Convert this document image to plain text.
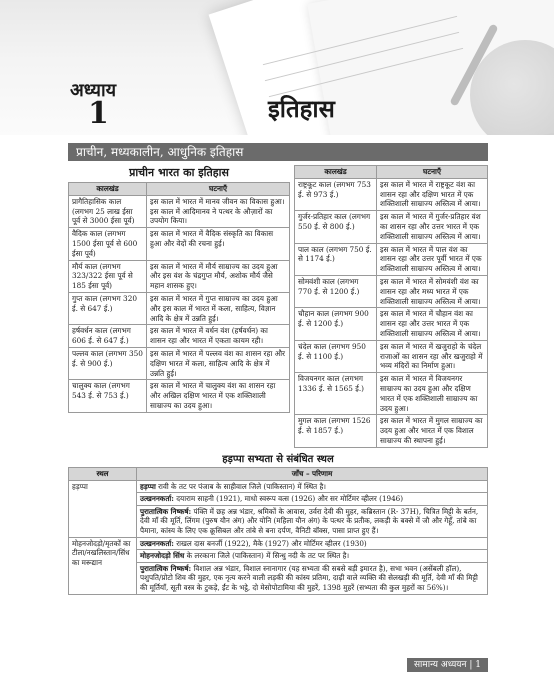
अध्याय
1	इतिहास
प्राचीन, मध्यकालीन, आधुनिक इतिहास
प्राचीन भारत का इतिहास
कालखंड	घटनाएँ
प्रागैतिहासिक काल (लगभग 25 लाख ईसा पूर्व से 3000 ईसा पूर्व)	इस काल में भारत में मानव जीवन का विकास हुआ। इस काल में आदिमानव ने पत्थर के औज़ारों का उपयोग किया।
वैदिक काल (लगभग 1500 ईसा पूर्व से 600 ईसा पूर्व)	इस काल में भारत में वैदिक संस्कृति का विकास हुआ और वेदों की रचना हुई।
मौर्य काल (लगभग 323/322 ईसा पूर्व से 185 ईसा पूर्व)	इस काल में भारत में मौर्य साम्राज्य का उदय हुआ और इस वंश के चंद्रगुप्त मौर्य, अशोक मौर्य जैसे महान शासक हुए।
गुप्त काल (लगभग 320 ई. से 647 ई.)	इस काल में भारत में गुप्त साम्राज्य का उदय हुआ और इस काल में भारत में कला, साहित्य, विज्ञान आदि के क्षेत्र में उन्नति हुई।
हर्षवर्धन काल (लगभग 606 ई. से 647 ई.)	इस काल में भारत में वर्धन वंश (हर्षवर्धन) का शासन रहा और भारत में एकता कायम रही।
पल्लव काल (लगभग 350 ई. से 900 ई.)	इस काल में भारत में पल्लव वंश का शासन रहा और दक्षिण भारत में कला, साहित्य आदि के क्षेत्र में उन्नति हुई।
चालुक्य काल (लगभग 543 ई. से 753 ई.)	इस काल में भारत में चालुक्य वंश का शासन रहा और अखिल दक्षिण भारत में एक शक्तिशाली साम्राज्य का उदय हुआ।
कालखंड	घटनाएँ
राष्ट्रकूट काल (लगभग 753 ई. से 973 ई.)	इस काल में भारत में राष्ट्रकूट वंश का शासन रहा और दक्षिण भारत में एक शक्तिशाली साम्राज्य अस्तित्व में आया।
गुर्जर-प्रतिहार काल (लगभग 550 ई. से 800 ई.)	इस काल में भारत में गुर्जर-प्रतिहार वंश का शासन रहा और उत्तर भारत में एक शक्तिशाली साम्राज्य अस्तित्व में आया।
पाल काल (लगभग 750 ई. से 1174 ई.)	इस काल में भारत में पाल वंश का शासन रहा और उत्तर पूर्वी भारत में एक शक्तिशाली साम्राज्य अस्तित्व में आया।
सोमवंशी काल (लगभग 770 ई. से 1200 ई.)	इस काल में भारत में सोमवंशी वंश का शासन रहा और मध्य भारत में एक शक्तिशाली साम्राज्य अस्तित्व में आया।
चौहान काल (लगभग 900 ई. से 1200 ई.)	इस काल में भारत में चौहान वंश का शासन रहा और उत्तर भारत में एक शक्तिशाली साम्राज्य अस्तित्व में आया।
चंदेल काल (लगभग 950 ई. से 1100 ई.)	इस काल में भारत में खजुराहो के चंदेल राजाओं का शासन रहा और खजुराहो में भव्य मंदिरों का निर्माण हुआ।
विजयनगर काल (लगभग 1336 ई. से 1565 ई.)	इस काल में भारत में विजयनगर साम्राज्य का उदय हुआ और दक्षिण भारत में एक शक्तिशाली साम्राज्य का उदय हुआ।
मुगल काल (लगभग 1526 ई. से 1857 ई.)	इस काल में भारत में मुगल साम्राज्य का उदय हुआ और भारत में एक विशाल साम्राज्य की स्थापना हुई।
हड़प्पा सभ्यता से संबंधित स्थल
स्थल	जाँच – परिणाम
हड़प्पा	हड़प्पा रावी के तट पर पंजाब के साहीवाल जिले (पाकिस्तान) में स्थित है।
	उत्खननकर्ता: दयाराम साहनी (1921), माधो स्वरूप वत्स (1926) और सर मोर्टिमर व्हीलर (1946)
	पुरातात्विक निष्कर्ष: पंक्ति में छह अन्न भंडार, श्रमिकों के आवास, उर्वरा देवी की मुहर, कब्रिस्तान (R- 37H), चित्रित मिट्टी के बर्तन, देवी माँ की मूर्ति, लिंगम (पुरुष यौन अंग) और योनि (महिला यौन अंग) के पत्थर के प्रतीक, लकड़ी के बक्से में जौ और गेहूँ, तांबे का पैमाना, कांस्य के लिए एक क्रूसिबल और तांबे से बना दर्पण, वैनिटी बॉक्स, पासा प्राप्त हुए हैं।
मोहनजोदड़ो/मृतकों का टीला/नखलिस्तान/सिंध का मरूद्यान	उत्खननकर्ता: राखल दास बनर्जी (1922), मैके (1927) और मोर्टिमर व्हीलर (1930)
	मोहनजोदड़ो सिंध के लरकाना जिले (पाकिस्तान) में सिन्धु नदी के तट पर स्थित है।
	पुरातात्विक निष्कर्ष: विशाल अन्न भंडार, विशाल स्नानागार (यह सभ्यता की सबसे बड़ी इमारत है), सभा भवन (असेंबली हॉल), पशुपति/प्रोटो शिव की मुहर, एक नृत्य करने वाली लड़की की कांस्य प्रतिमा, दाढ़ी वाले व्यक्ति की सेलखड़ी की मूर्ति, देवी माँ की मिट्टी की मूर्तियाँ, सूती वस्त्र के टुकड़े, ईंट के भट्ठे, दो मेसोपोटामिया की मुहरें, 1398 मुहरें (सभ्यता की कुल मुहरों का 56%)।
सामान्य अध्ययन | 1
